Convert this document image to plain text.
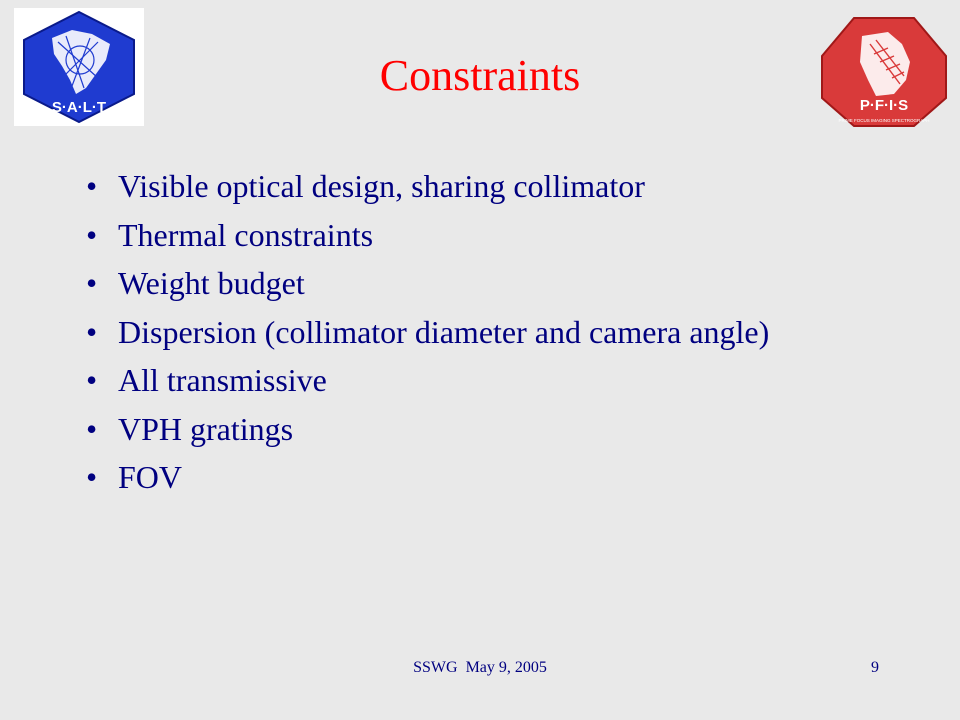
S·A·L·T	P·F·I·S
PRIME FOCUS IMAGING SPECTROGRAPH
Constraints
• Visible optical design, sharing collimator
• Thermal constraints
• Weight budget
• Dispersion (collimator diameter and camera angle)
• All transmissive
• VPH gratings
• FOV
SSWG  May 9, 2005	9
